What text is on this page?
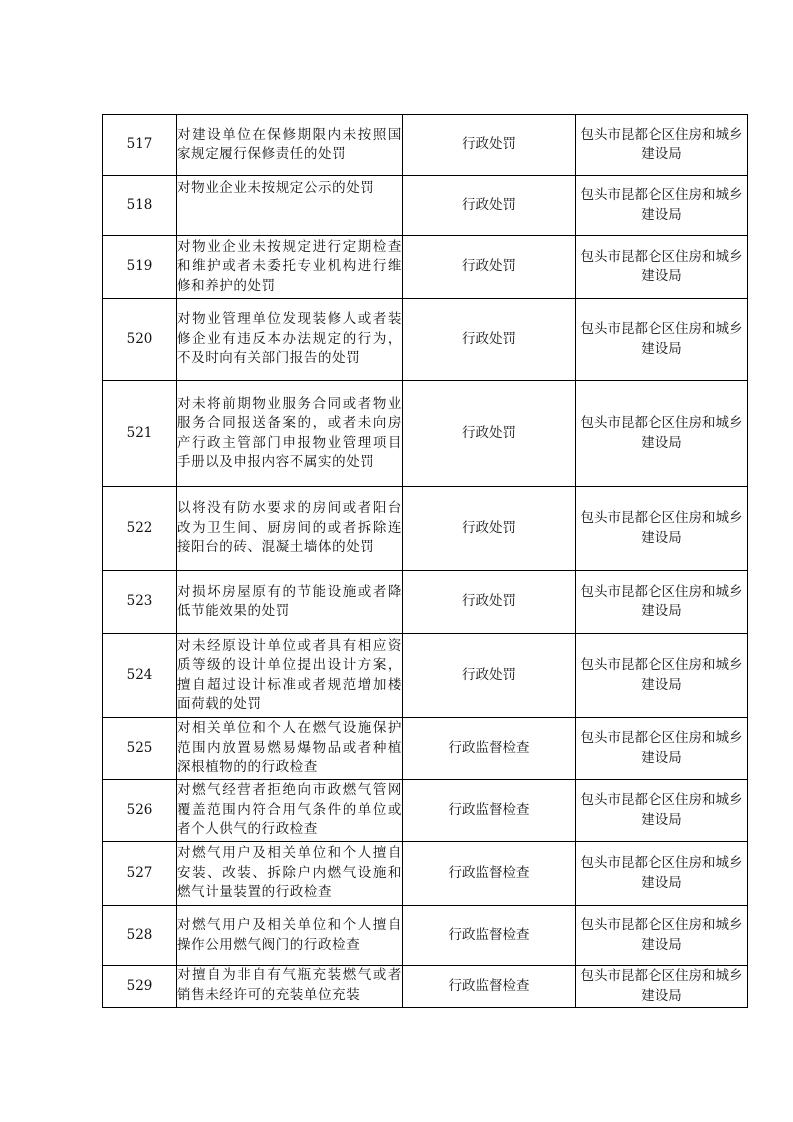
517	对建设单位在保修期限内未按照国家规定履行保修责任的处罚	行政处罚	包头市昆都仑区住房和城乡建设局
518	对物业企业未按规定公示的处罚	行政处罚	包头市昆都仑区住房和城乡建设局
519	对物业企业未按规定进行定期检查和维护或者未委托专业机构进行维修和养护的处罚	行政处罚	包头市昆都仑区住房和城乡建设局
520	对物业管理单位发现装修人或者装修企业有违反本办法规定的行为，不及时向有关部门报告的处罚	行政处罚	包头市昆都仑区住房和城乡建设局
521	对未将前期物业服务合同或者物业服务合同报送备案的，或者未向房产行政主管部门申报物业管理项目手册以及申报内容不属实的处罚	行政处罚	包头市昆都仑区住房和城乡建设局
522	以将没有防水要求的房间或者阳台改为卫生间、厨房间的或者拆除连接阳台的砖、混凝土墙体的处罚	行政处罚	包头市昆都仑区住房和城乡建设局
523	对损坏房屋原有的节能设施或者降低节能效果的处罚	行政处罚	包头市昆都仑区住房和城乡建设局
524	对未经原设计单位或者具有相应资质等级的设计单位提出设计方案，擅自超过设计标准或者规范增加楼面荷载的处罚	行政处罚	包头市昆都仑区住房和城乡建设局
525	对相关单位和个人在燃气设施保护范围内放置易燃易爆物品或者种植深根植物的的行政检查	行政监督检查	包头市昆都仑区住房和城乡建设局
526	对燃气经营者拒绝向市政燃气管网覆盖范围内符合用气条件的单位或者个人供气的行政检查	行政监督检查	包头市昆都仑区住房和城乡建设局
527	对燃气用户及相关单位和个人擅自安装、改装、拆除户内燃气设施和燃气计量装置的行政检查	行政监督检查	包头市昆都仑区住房和城乡建设局
528	对燃气用户及相关单位和个人擅自操作公用燃气阀门的行政检查	行政监督检查	包头市昆都仑区住房和城乡建设局
529	对擅自为非自有气瓶充装燃气或者销售未经许可的充装单位充装	行政监督检查	包头市昆都仑区住房和城乡建设局
